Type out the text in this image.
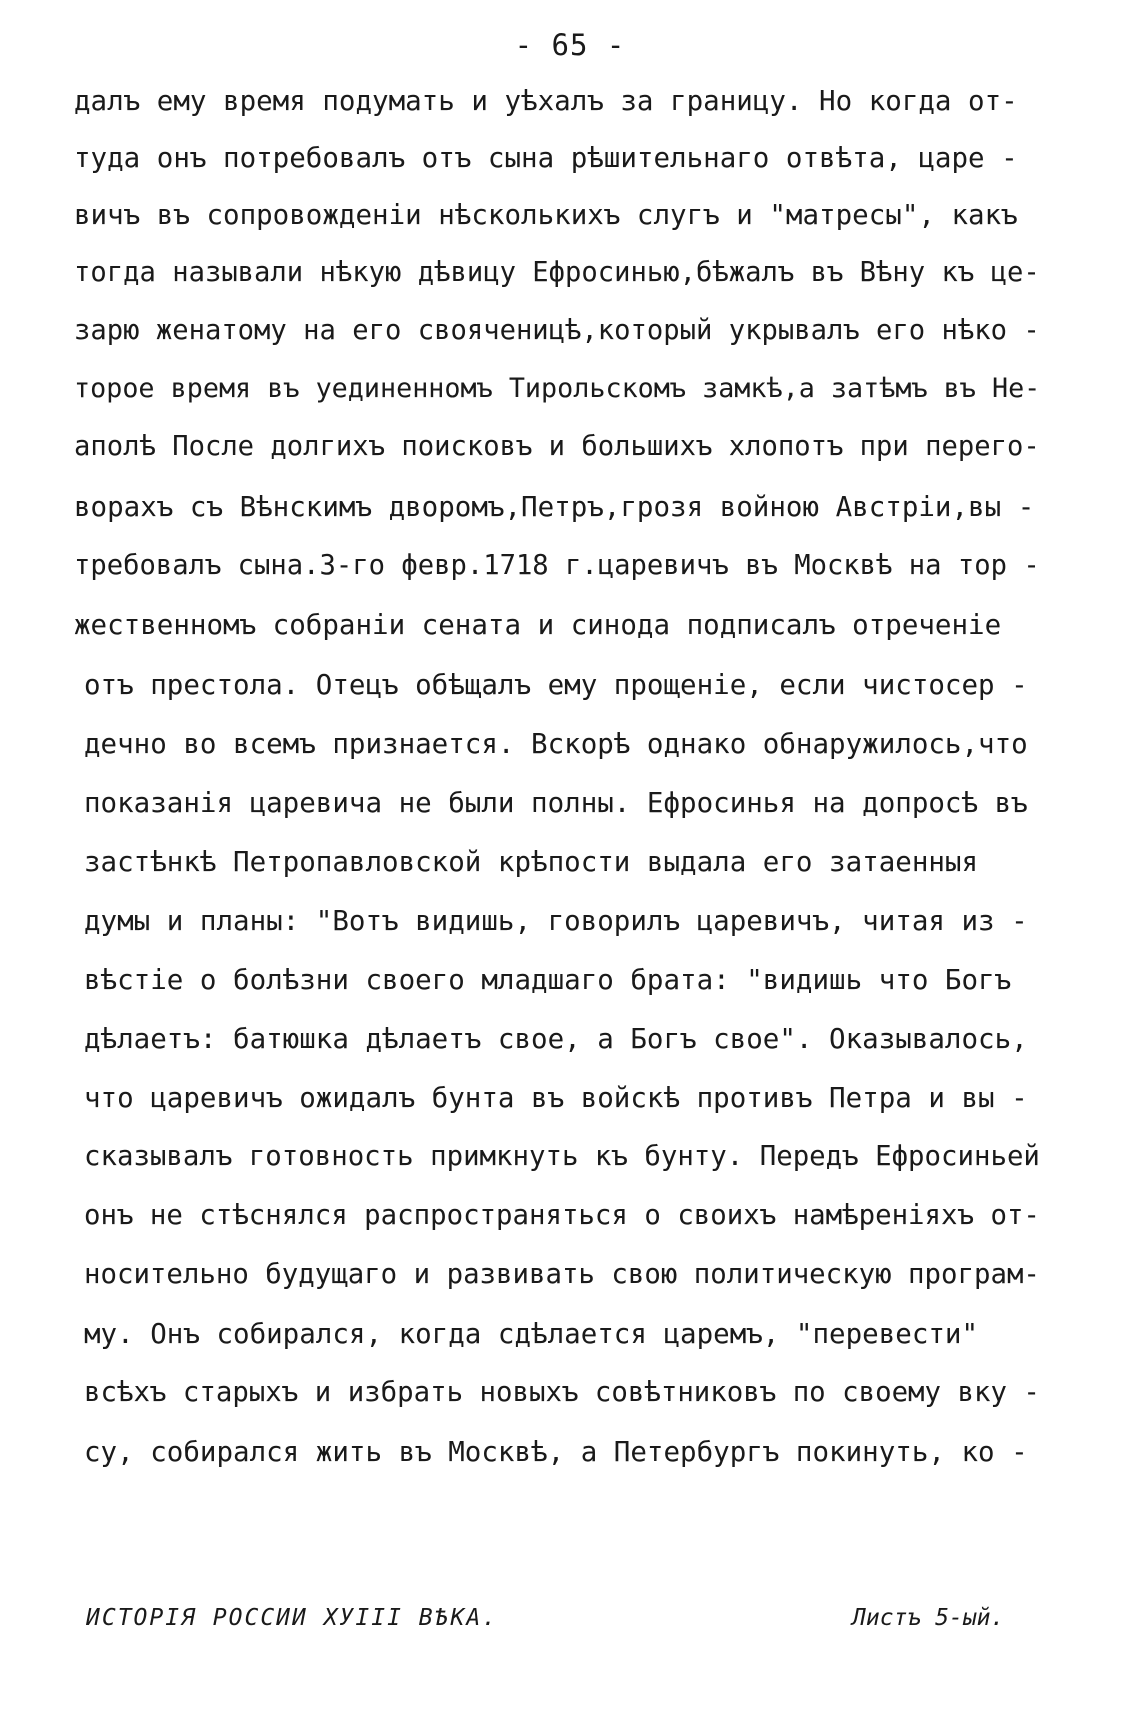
- 65 -
далъ ему время подумать и уѣхалъ за границу. Но когда от-
туда онъ потребовалъ отъ сына рѣшительнаго отвѣта, царе -
вичъ въ сопровожденіи нѣсколькихъ слугъ и "матресы", какъ
тогда называли нѣкую дѣвицу Ефросинью,бѣжалъ въ Вѣну къ це-
зарю женатому на его свояченицѣ,который укрывалъ его нѣко -
торое время въ уединенномъ Тирольскомъ замкѣ,а затѣмъ въ Не-
аполѣ После долгихъ поисковъ и большихъ хлопотъ при перего-
ворахъ съ Вѣнскимъ дворомъ,Петръ,грозя войною Австріи,вы -
требовалъ сына.3-го февр.1718 г.царевичъ въ Москвѣ на тор -
жественномъ собраніи сената и синода подписалъ отреченіе
отъ престола. Отецъ обѣщалъ ему прощеніе, если чистосер -
дечно во всемъ признается. Вскорѣ однако обнаружилось,что
показанія царевича не были полны. Ефросинья на допросѣ въ
застѣнкѣ Петропавловской крѣпости выдала его затаенныя
думы и планы: "Вотъ видишь, говорилъ царевичъ, читая из -
вѣстіе о болѣзни своего младшаго брата: "видишь что Богъ
дѣлаетъ: батюшка дѣлаетъ свое, а Богъ свое". Оказывалось,
что царевичъ ожидалъ бунта въ войскѣ противъ Петра и вы -
сказывалъ готовность примкнуть къ бунту. Передъ Ефросиньей
онъ не стѣснялся распространяться о своихъ намѣреніяхъ от-
носительно будущаго и развивать свою политическую програм-
му. Онъ собирался, когда сдѣлается царемъ, "перевести"
всѣхъ старыхъ и избрать новыхъ совѣтниковъ по своему вку -
су, собирался жить въ Москвѣ, а Петербургъ покинуть, ко -
ИСТОРІЯ РОССИИ ХУIII ВѢКА.	Листъ 5-ый.
